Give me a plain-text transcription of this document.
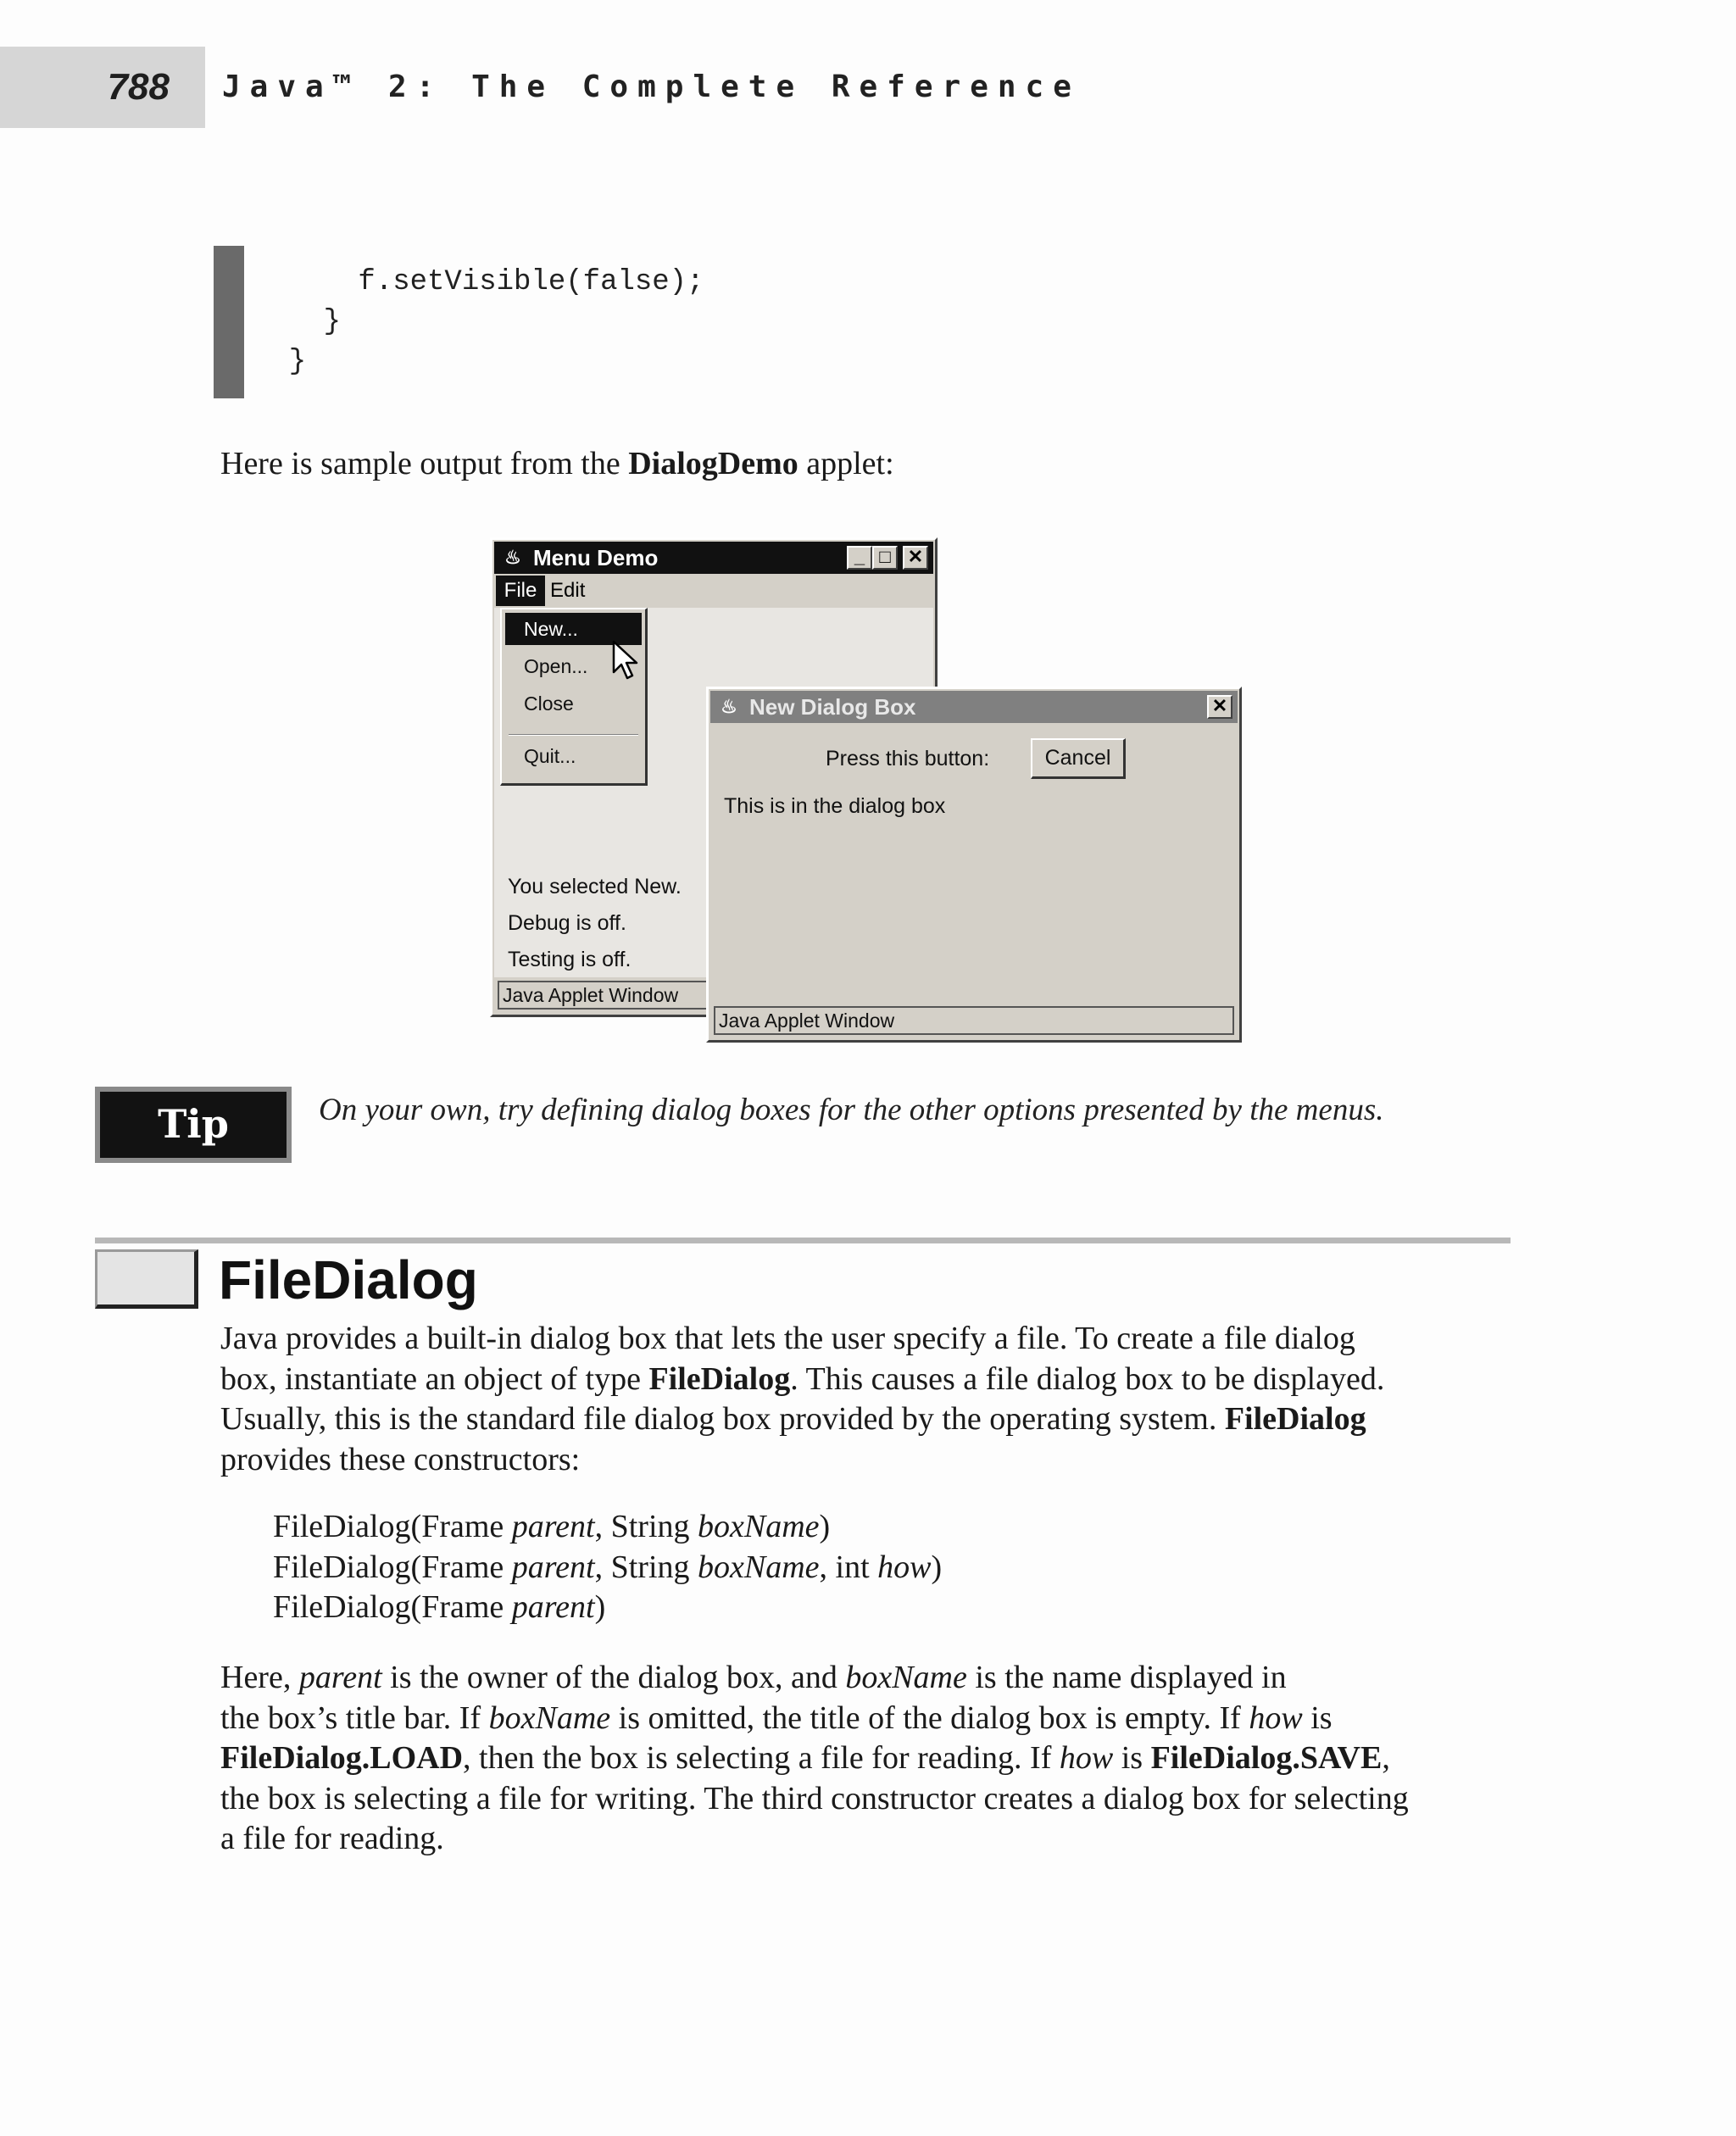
788 Java™ 2: The Complete Reference
f.setVisible(false);
}
}
Here is sample output from the DialogDemo applet:
♨ Menu Demo	_ □ ✕
File Edit
You selected New.
Debug is off.
Testing is off.
Java Applet Window
New...
Open...
Close
Quit...
♨ New Dialog Box	✕
Press this button:	Cancel
This is in the dialog box
Java Applet Window
Tip	On your own, try defining dialog boxes for the other options presented by the menus.
FileDialog
Java provides a built-in dialog box that lets the user specify a file. To create a file dialog
box, instantiate an object of type FileDialog. This causes a file dialog box to be displayed.
Usually, this is the standard file dialog box provided by the operating system. FileDialog
provides these constructors:
FileDialog(Frame parent, String boxName)
FileDialog(Frame parent, String boxName, int how)
FileDialog(Frame parent)
Here, parent is the owner of the dialog box, and boxName is the name displayed in
the box’s title bar. If boxName is omitted, the title of the dialog box is empty. If how is
FileDialog.LOAD, then the box is selecting a file for reading. If how is FileDialog.SAVE,
the box is selecting a file for writing. The third constructor creates a dialog box for selecting
a file for reading.
